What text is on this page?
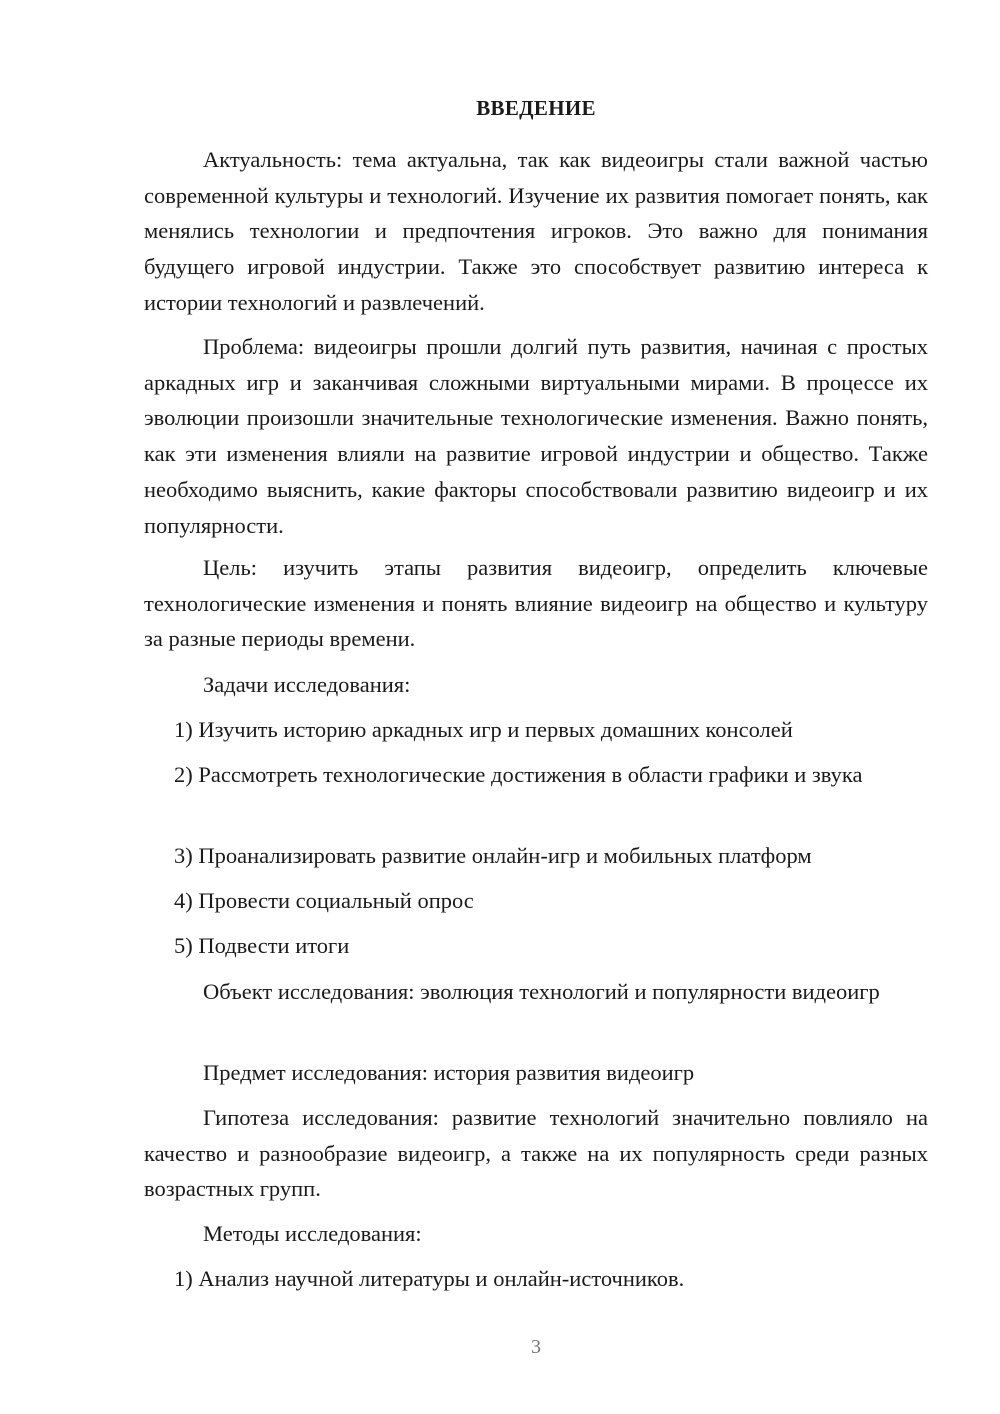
ВВЕДЕНИЕ

Актуальность: тема актуальна, так как видеоигры стали важной частью современной культуры и технологий. Изучение их развития помогает понять, как менялись технологии и предпочтения игроков. Это важно для понимания будущего игровой индустрии. Также это способствует развитию интереса к истории технологий и развлечений.

Проблема: видеоигры прошли долгий путь развития, начиная с простых аркадных игр и заканчивая сложными виртуальными мирами. В процессе их эволюции произошли значительные технологические изменения. Важно понять, как эти изменения влияли на развитие игровой индустрии и общество. Также необходимо выяснить, какие факторы способствовали развитию видеоигр и их популярности.

Цель: изучить этапы развития видеоигр, определить ключевые технологические изменения и понять влияние видеоигр на общество и культуру за разные периоды времени.

Задачи исследования:

1) Изучить историю аркадных игр и первых домашних консолей

2) Рассмотреть технологические достижения в области графики и звука

3) Проанализировать развитие онлайн-игр и мобильных платформ

4) Провести социальный опрос

5) Подвести итоги

Объект исследования: эволюция технологий и популярности видеоигр

Предмет исследования: история развития видеоигр

Гипотеза исследования: развитие технологий значительно повлияло на качество и разнообразие видеоигр, а также на их популярность среди разных возрастных групп.

Методы исследования:

1) Анализ научной литературы и онлайн-источников.

3
